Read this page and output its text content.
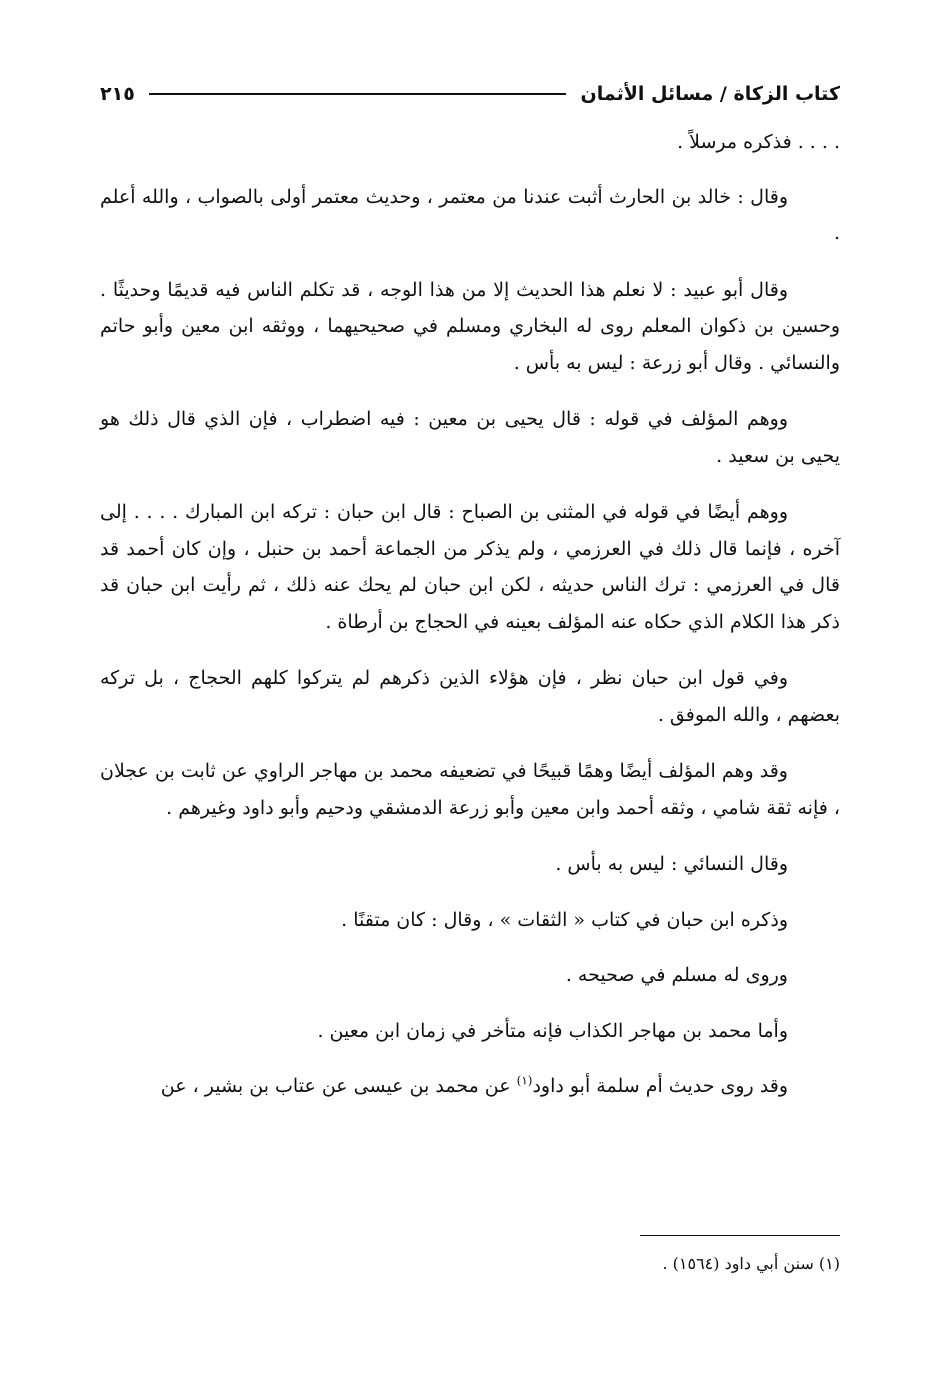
كتاب الزكاة / مسائل الأثمان
٢١٥

. . . . فذكره مرسلاً .

وقال : خالد بن الحارث أثبت عندنا من معتمر ، وحديث معتمر أولى بالصواب ، والله أعلم .

وقال أبو عبيد : لا نعلم هذا الحديث إلا من هذا الوجه ، قد تكلم الناس فيه قديمًا وحديثًا . وحسين بن ذكوان المعلم روى له البخاري ومسلم في صحيحيهما ، ووثقه ابن معين وأبو حاتم والنسائي . وقال أبو زرعة : ليس به بأس .

ووهم المؤلف في قوله : قال يحيى بن معين : فيه اضطراب ، فإن الذي قال ذلك هو يحيى بن سعيد .

ووهم أيضًا في قوله في المثنى بن الصباح : قال ابن حبان : تركه ابن المبارك . . . . إلى آخره ، فإنما قال ذلك في العرزمي ، ولم يذكر من الجماعة أحمد بن حنبل ، وإن كان أحمد قد قال في العرزمي : ترك الناس حديثه ، لكن ابن حبان لم يحك عنه ذلك ، ثم رأيت ابن حبان قد ذكر هذا الكلام الذي حكاه عنه المؤلف بعينه في الحجاج بن أرطاة .

وفي قول ابن حبان نظر ، فإن هؤلاء الذين ذكرهم لم يتركوا كلهم الحجاج ، بل تركه بعضهم ، والله الموفق .

وقد وهم المؤلف أيضًا وهمًا قبيحًا في تضعيفه محمد بن مهاجر الراوي عن ثابت بن عجلان ، فإنه ثقة شامي ، وثقه أحمد وابن معين وأبو زرعة الدمشقي ودحيم وأبو داود وغيرهم .

وقال النسائي : ليس به بأس .

وذكره ابن حبان في كتاب « الثقات » ، وقال : كان متقنًا .

وروى له مسلم في صحيحه .

وأما محمد بن مهاجر الكذاب فإنه متأخر في زمان ابن معين .

وقد روى حديث أم سلمة أبو داود$^{(١)}$ عن محمد بن عيسى عن عتاب بن بشير ، عن

(١) سنن أبي داود (١٥٦٤) .
